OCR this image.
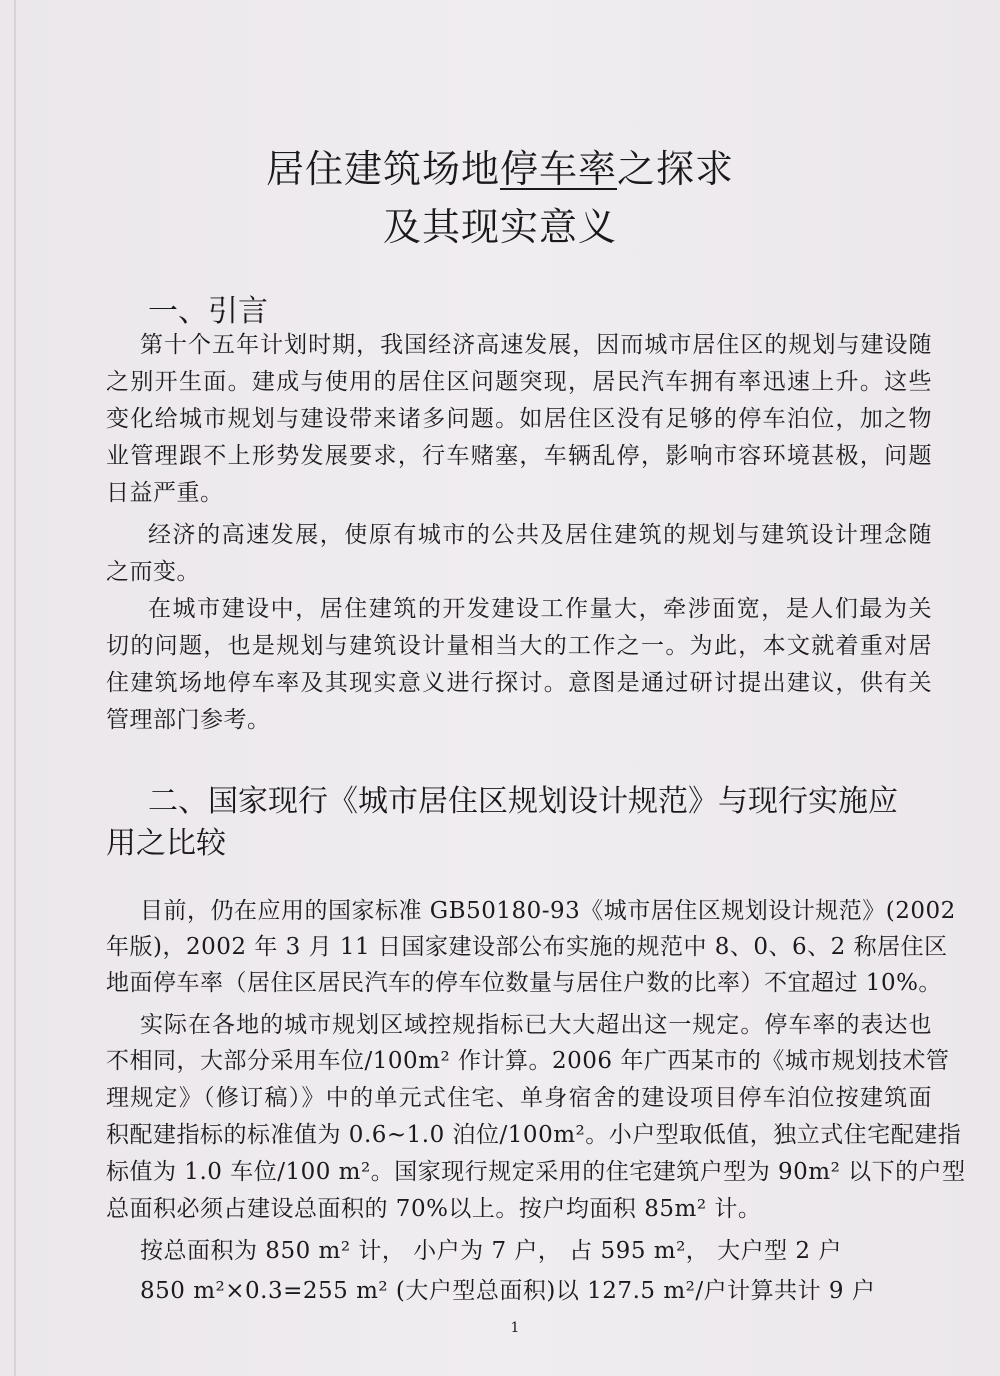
居住建筑场地停车率之探求
及其现实意义
一、引言
第十个五年计划时期，我国经济高速发展，因而城市居住区的规划与建设随
之别开生面。建成与使用的居住区问题突现，居民汽车拥有率迅速上升。这些
变化给城市规划与建设带来诸多问题。如居住区没有足够的停车泊位，加之物
业管理跟不上形势发展要求，行车赌塞，车辆乱停，影响市容环境甚极，问题
日益严重。
经济的高速发展，使原有城市的公共及居住建筑的规划与建筑设计理念随
之而变。
在城市建设中，居住建筑的开发建设工作量大，牵涉面宽，是人们最为关
切的问题，也是规划与建筑设计量相当大的工作之一。为此，本文就着重对居
住建筑场地停车率及其现实意义进行探讨。意图是通过研讨提出建议，供有关
管理部门参考。
二、国家现行《城市居住区规划设计规范》与现行实施应
用之比较
目前，仍在应用的国家标准 GB50180-93《城市居住区规划设计规范》(2002
年版)，2002 年 3 月 11 日国家建设部公布实施的规范中 8、0、6、2 称居住区
地面停车率（居住区居民汽车的停车位数量与居住户数的比率）不宜超过 10%。
实际在各地的城市规划区域控规指标已大大超出这一规定。停车率的表达也
不相同，大部分采用车位/100m² 作计算。2006 年广西某市的《城市规划技术管
理规定》（修订稿）》中的单元式住宅、单身宿舍的建设项目停车泊位按建筑面
积配建指标的标准值为 0.6~1.0 泊位/100m²。小户型取低值，独立式住宅配建指
标值为 1.0 车位/100 m²。国家现行规定采用的住宅建筑户型为 90m² 以下的户型
总面积必须占建设总面积的 70%以上。按户均面积 85m² 计。
按总面积为 850 m² 计， 小户为 7 户， 占 595 m²， 大户型 2 户
850 m²×0.3=255 m² (大户型总面积)以 127.5 m²/户计算共计 9 户
1
